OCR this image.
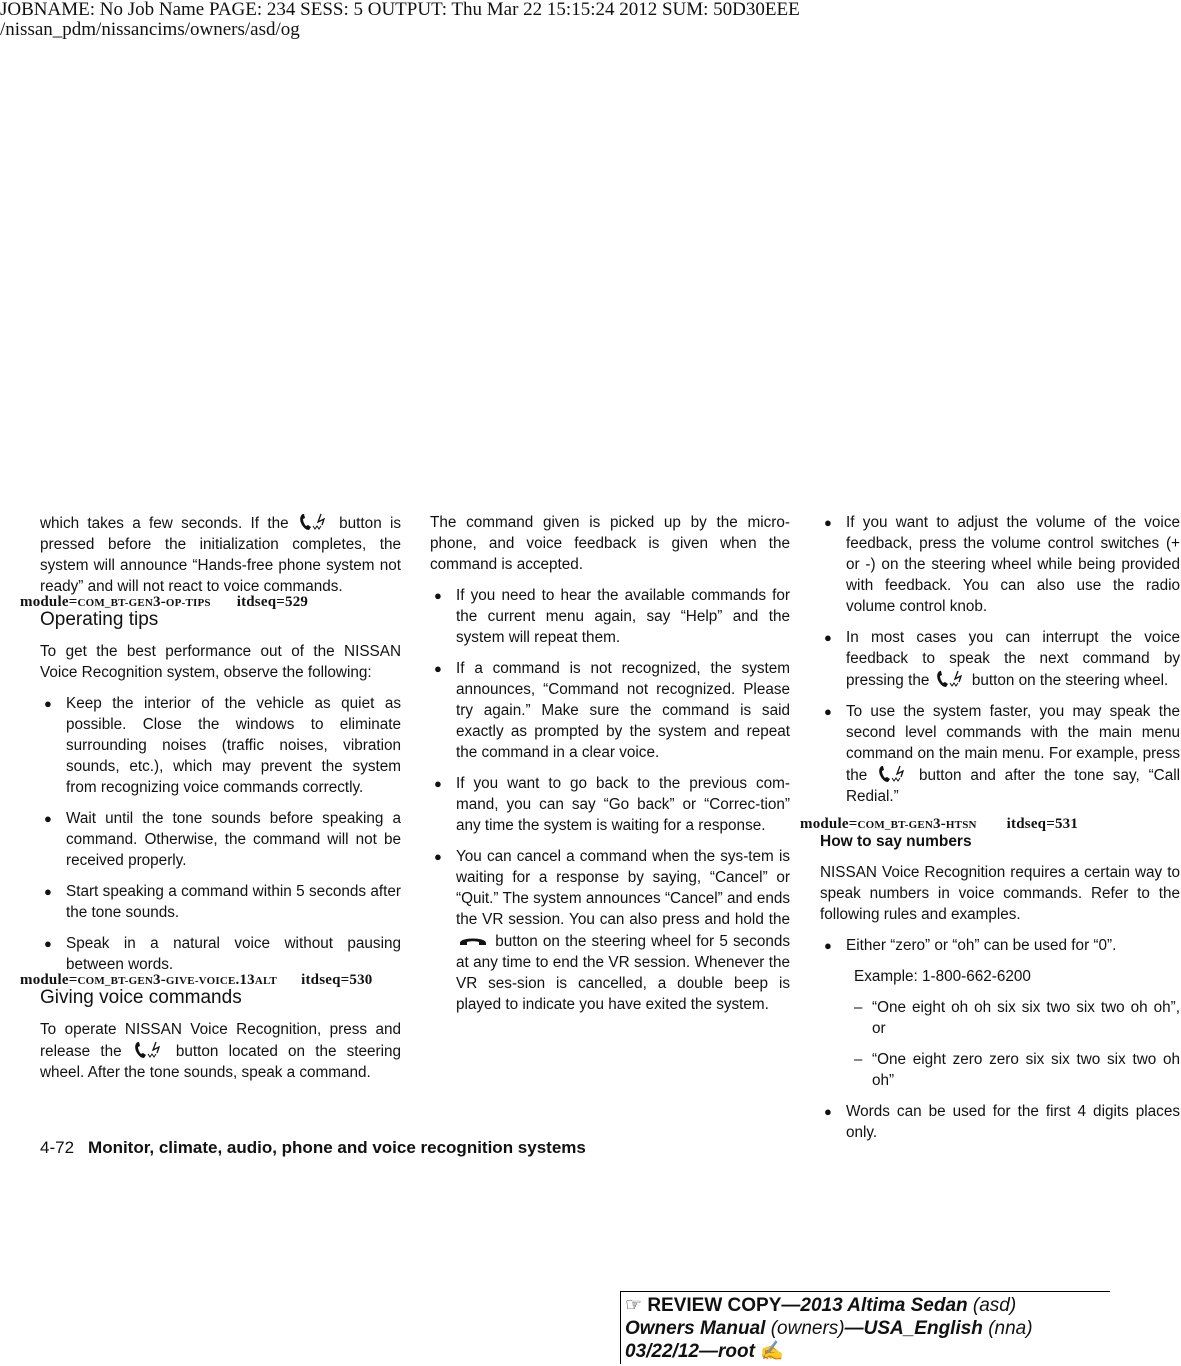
JOBNAME: No Job Name PAGE: 234 SESS: 5 OUTPUT: Thu Mar 22 15:15:24 2012 SUM: 50D30EEE
/nissan_pdm/nissancims/owners/asd/og

which takes a few seconds. If the	button is pressed before the initialization completes, the system will announce “Hands-free phone system not ready” and will not react to voice commands.

module=COM_BT-GEN3-OP-TIPS itdseq=529
Operating tips

To get the best performance out of the NISSAN Voice Recognition system, observe the following:

● Keep the interior of the vehicle as quiet as possible. Close the windows to eliminate surrounding noises (traffic noises, vibration sounds, etc.), which may prevent the system from recognizing voice commands correctly.

● Wait until the tone sounds before speaking a command. Otherwise, the command will not be received properly.

● Start speaking a command within 5 seconds after the tone sounds.

● Speak in a natural voice without pausing between words.

module=COM_BT-GEN3-GIVE-VOICE.13ALT itdseq=530
Giving voice commands

To operate NISSAN Voice Recognition, press and release the	button located on the steering wheel. After the tone sounds, speak a command.

The command given is picked up by the micro-phone, and voice feedback is given when the command is accepted.

● If you need to hear the available commands for the current menu again, say “Help” and the system will repeat them.

● If a command is not recognized, the system announces, “Command not recognized. Please try again.” Make sure the command is said exactly as prompted by the system and repeat the command in a clear voice.

● If you want to go back to the previous com-mand, you can say “Go back” or “Correc-tion” any time the system is waiting for a response.

● You can cancel a command when the sys-tem is waiting for a response by saying, “Cancel” or “Quit.” The system announces “Cancel” and ends the VR session. You can also press and hold the  button on the steering wheel for 5 seconds at any time to end the VR session. Whenever the VR ses-sion is cancelled, a double beep is played to indicate you have exited the system.

● If you want to adjust the volume of the voice feedback, press the volume control switches (+ or -) on the steering wheel while being provided with feedback. You can also use the radio volume control knob.

● In most cases you can interrupt the voice feedback to speak the next command by pressing the	button on the steering wheel.

● To use the system faster, you may speak the second level commands with the main menu command on the main menu. For example, press the	button and after the tone say, “Call Redial.”

module=COM_BT-GEN3-HTSN itdseq=531
How to say numbers

NISSAN Voice Recognition requires a certain way to speak numbers in voice commands. Refer to the following rules and examples.

● Either “zero” or “oh” can be used for “0”.

Example: 1-800-662-6200

– “One eight oh oh six six two six two oh oh”, or

– “One eight zero zero six six two six two oh oh”

● Words can be used for the first 4 digits places only.

4-72 Monitor, climate, audio, phone and voice recognition systems
☞ REVIEW COPY—2013 Altima Sedan (asd)
Owners Manual (owners)—USA_English (nna)
03/22/12—root ✍
